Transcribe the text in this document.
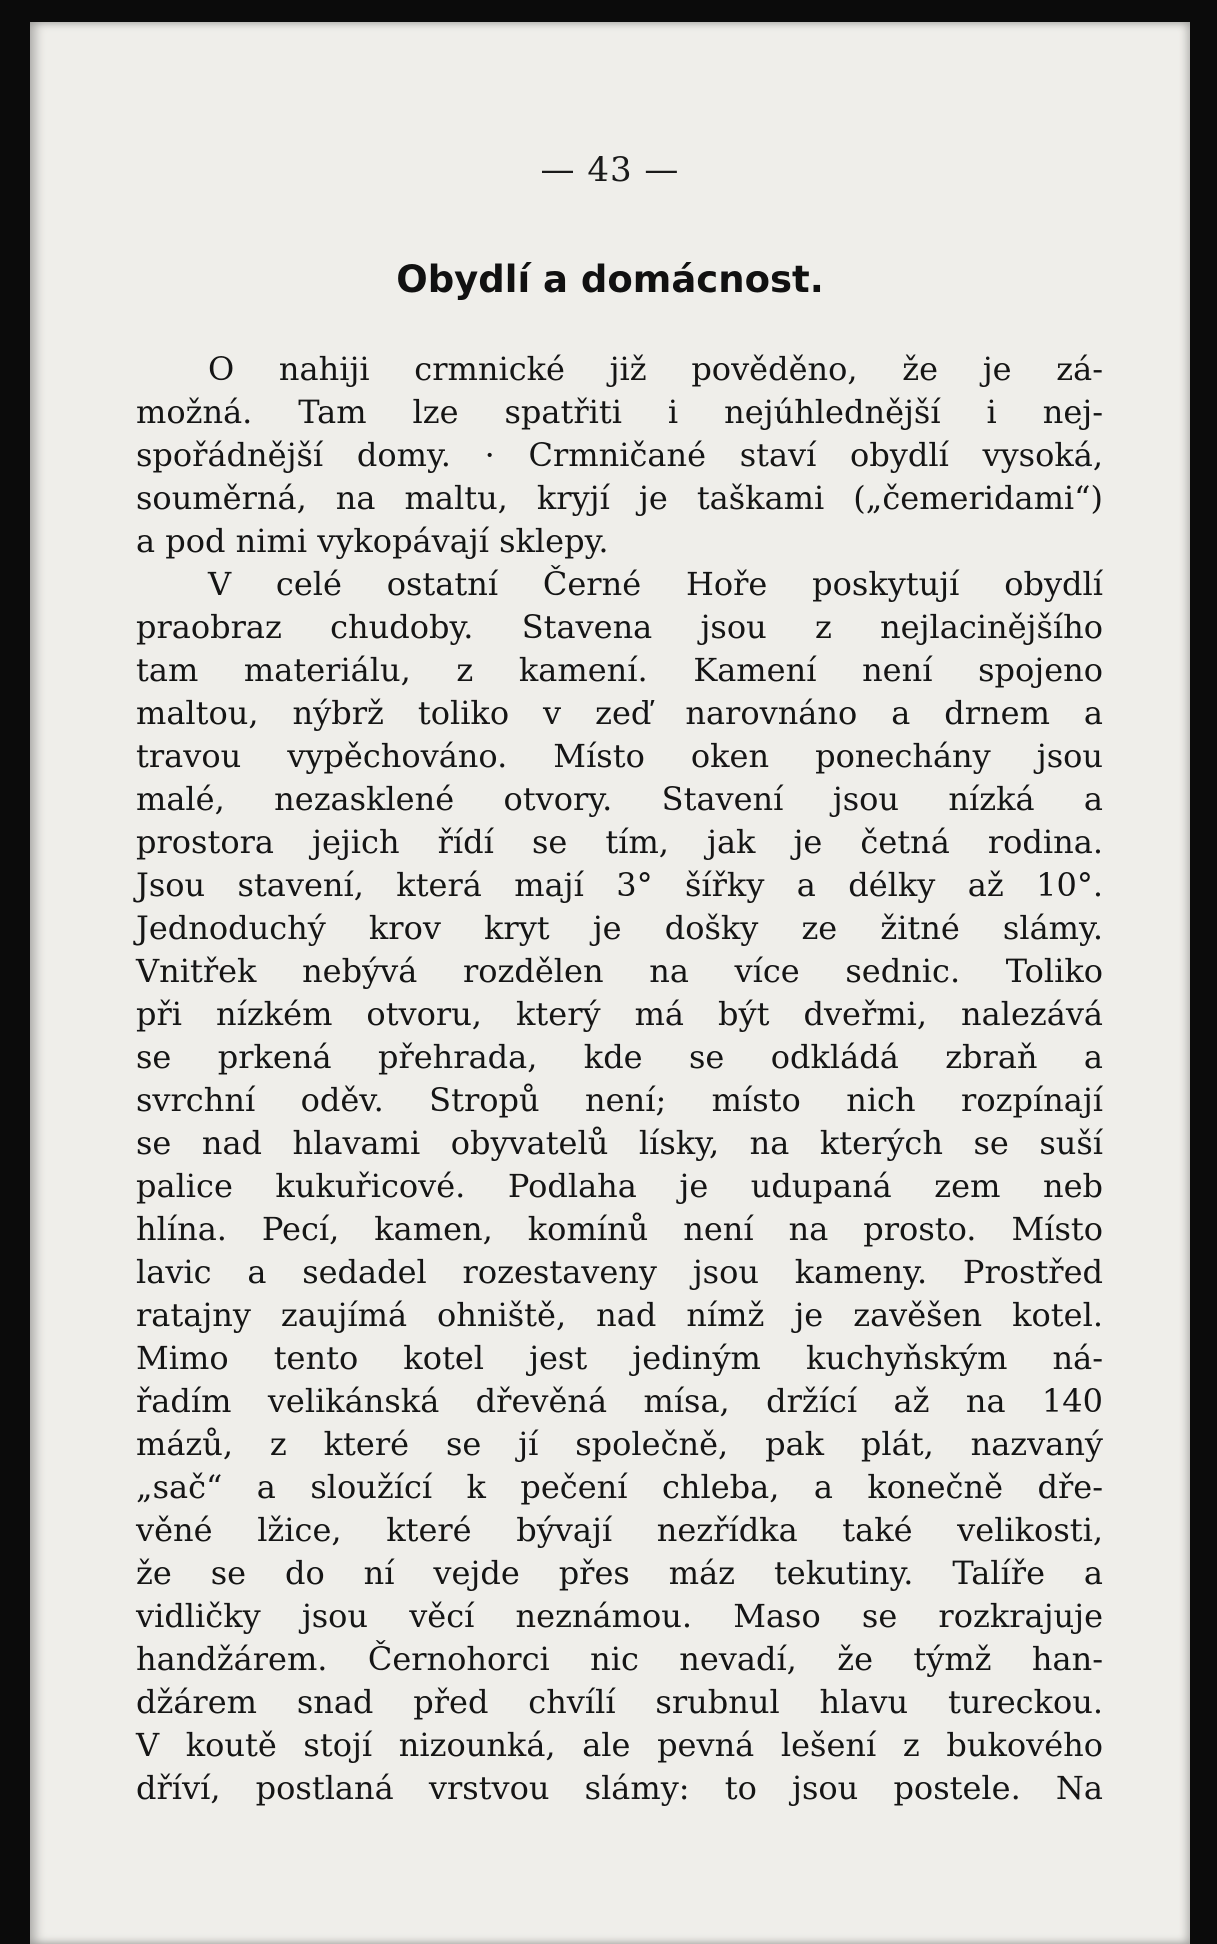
— 43 —
Obydlí a domácnost.
O nahiji crmnické již pověděno, že je zá-
možná. Tam lze spatřiti i nejúhlednější i nej-
spořádnější domy. · Crmničané staví obydlí vysoká,
souměrná, na maltu, kryjí je taškami („čemeridami“)
a pod nimi vykopávají sklepy.
V celé ostatní Černé Hoře poskytují obydlí
praobraz chudoby. Stavena jsou z nejlacinějšího
tam materiálu, z kamení. Kamení není spojeno
maltou, nýbrž toliko v zeď narovnáno a drnem a
travou vypěchováno. Místo oken ponechány jsou
malé, nezasklené otvory. Stavení jsou nízká a
prostora jejich řídí se tím, jak je četná rodina.
Jsou stavení, která mají 3° šířky a délky až 10°.
Jednoduchý krov kryt je došky ze žitné slámy.
Vnitřek nebývá rozdělen na více sednic. Toliko
při nízkém otvoru, který má být dveřmi, nalezává
se prkená přehrada, kde se odkládá zbraň a
svrchní oděv. Stropů není; místo nich rozpínají
se nad hlavami obyvatelů lísky, na kterých se suší
palice kukuřicové. Podlaha je udupaná zem neb
hlína. Pecí, kamen, komínů není na prosto. Místo
lavic a sedadel rozestaveny jsou kameny. Prostřed
ratajny zaujímá ohniště, nad nímž je zavěšen kotel.
Mimo tento kotel jest jediným kuchyňským ná-
řadím velikánská dřevěná mísa, držící až na 140
mázů, z které se jí společně, pak plát, nazvaný
„sač“ a sloužící k pečení chleba, a konečně dře-
věné lžice, které bývají nezřídka také velikosti,
že se do ní vejde přes máz tekutiny. Talíře a
vidličky jsou věcí neznámou. Maso se rozkrajuje
handžárem. Černohorci nic nevadí, že týmž han-
džárem snad před chvílí srubnul hlavu tureckou.
V koutě stojí nizounká, ale pevná lešení z bukového
dříví, postlaná vrstvou slámy: to jsou postele. Na
